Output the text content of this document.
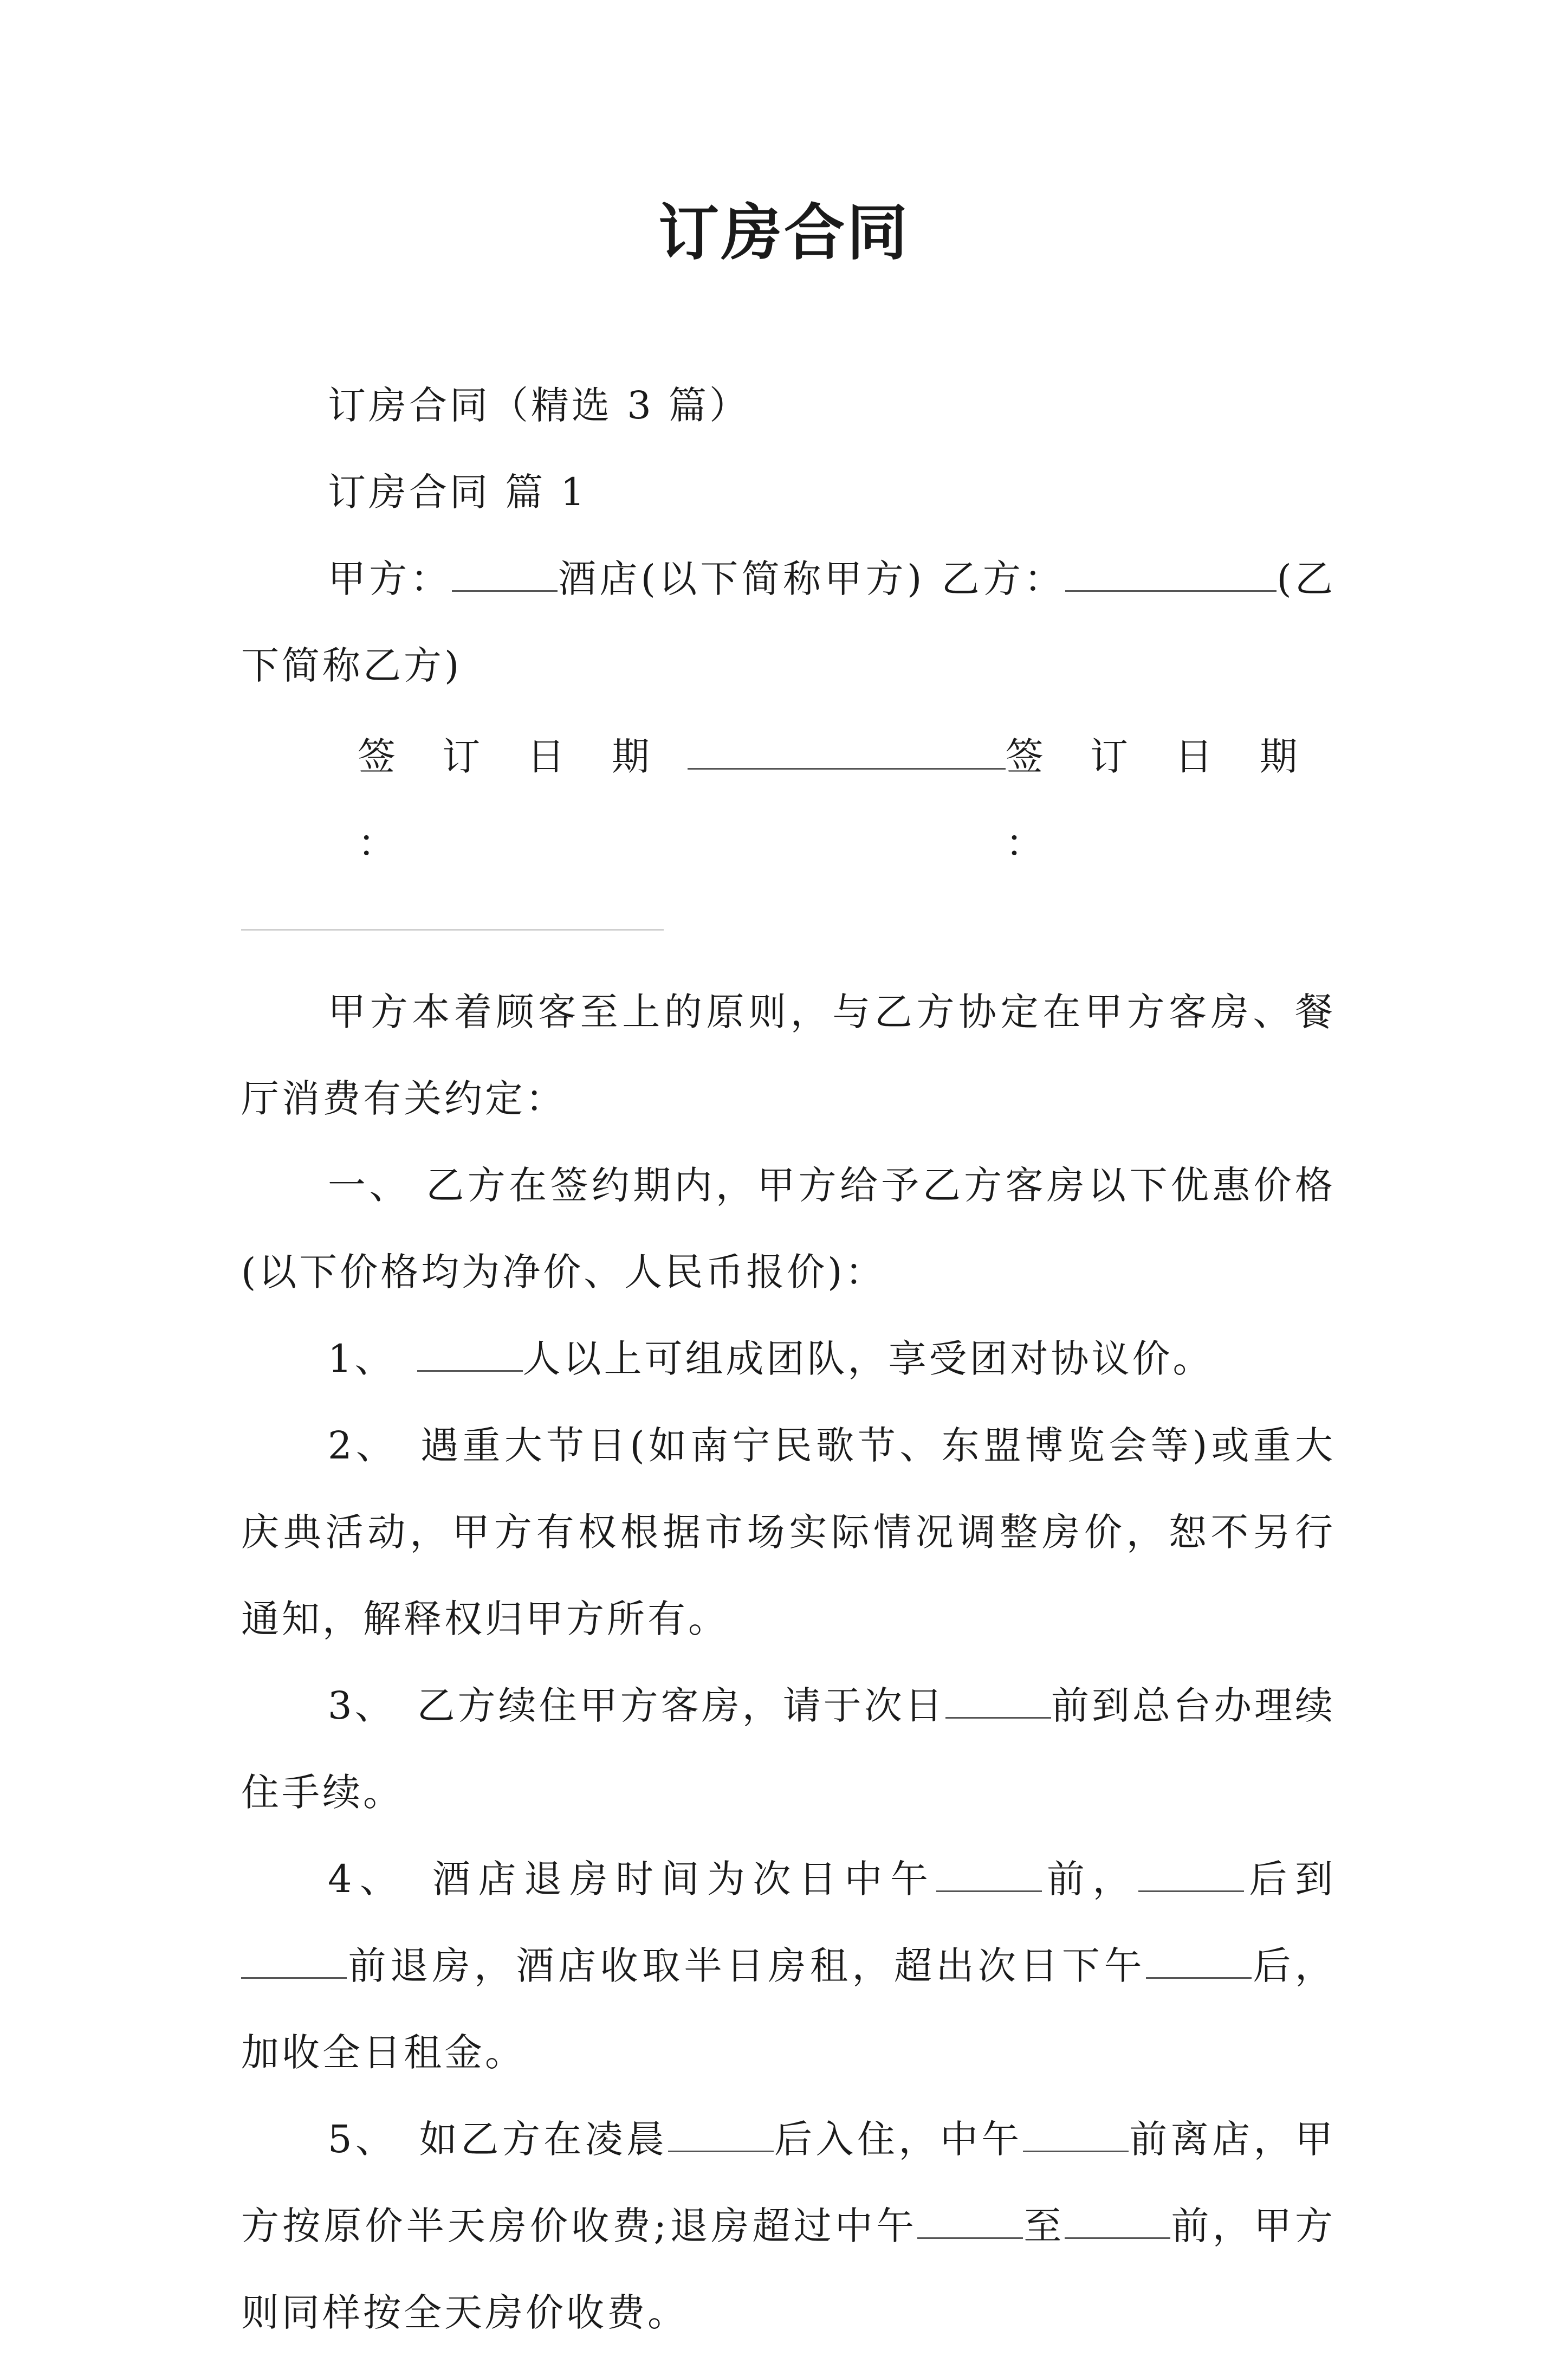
订房合同

订房合同（精选 3 篇）

订房合同 篇 1

甲方：	酒店(以下简称甲方) 乙方：	(乙下简称乙方)

签 订 日 期 ：
签 订 日 期 ：

甲方本着顾客至上的原则，与乙方协定在甲方客房、餐厅消费有关约定：

一、 乙方在签约期内，甲方给予乙方客房以下优惠价格(以下价格均为净价、人民币报价)：

1、	人以上可组成团队，享受团对协议价。

2、 遇重大节日(如南宁民歌节、东盟博览会等)或重大庆典活动，甲方有权根据市场实际情况调整房价，恕不另行通知，解释权归甲方所有。

3、 乙方续住甲方客房，请于次日	前到总台办理续住手续。

4、 酒店退房时间为次日中午	前，	后到前退房，酒店收取半日房租，超出次日下午	后，加收全日租金。

5、 如乙方在凌晨	后入住，中午	前离店，甲方按原价半天房价收费;退房超过中午	至	前，甲方则同样按全天房价收费。
